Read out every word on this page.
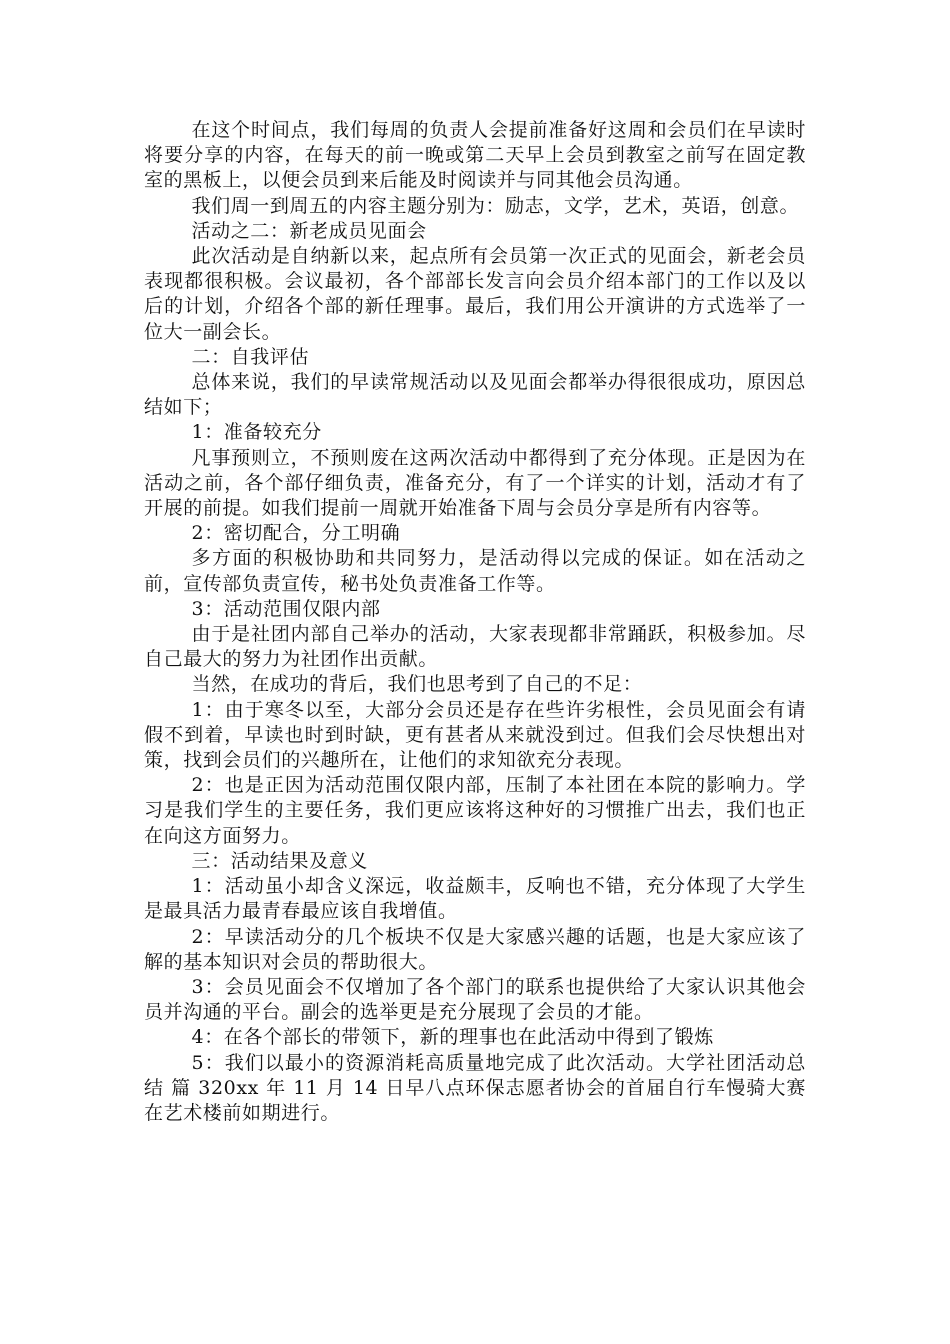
在这个时间点，我们每周的负责人会提前准备好这周和会员们在早读时将要分享的内容，在每天的前一晚或第二天早上会员到教室之前写在固定教室的黑板上，以便会员到来后能及时阅读并与同其他会员沟通。

我们周一到周五的内容主题分别为：励志，文学，艺术，英语，创意。

活动之二：新老成员见面会

此次活动是自纳新以来，起点所有会员第一次正式的见面会，新老会员表现都很积极。会议最初，各个部部长发言向会员介绍本部门的工作以及以后的计划，介绍各个部的新任理事。最后，我们用公开演讲的方式选举了一位大一副会长。

二：自我评估

总体来说，我们的早读常规活动以及见面会都举办得很很成功，原因总结如下；

1：准备较充分

凡事预则立，不预则废在这两次活动中都得到了充分体现。正是因为在活动之前，各个部仔细负责，准备充分，有了一个详实的计划，活动才有了开展的前提。如我们提前一周就开始准备下周与会员分享是所有内容等。

2：密切配合，分工明确

多方面的积极协助和共同努力，是活动得以完成的保证。如在活动之前，宣传部负责宣传，秘书处负责准备工作等。

3：活动范围仅限内部

由于是社团内部自己举办的活动，大家表现都非常踊跃，积极参加。尽自己最大的努力为社团作出贡献。

当然，在成功的背后，我们也思考到了自己的不足：

1：由于寒冬以至，大部分会员还是存在些许劣根性，会员见面会有请假不到着，早读也时到时缺，更有甚者从来就没到过。但我们会尽快想出对策，找到会员们的兴趣所在，让他们的求知欲充分表现。

2：也是正因为活动范围仅限内部，压制了本社团在本院的影响力。学习是我们学生的主要任务，我们更应该将这种好的习惯推广出去，我们也正在向这方面努力。

三：活动结果及意义

1：活动虽小却含义深远，收益颇丰，反响也不错，充分体现了大学生是最具活力最青春最应该自我增值。

2：早读活动分的几个板块不仅是大家感兴趣的话题，也是大家应该了解的基本知识对会员的帮助很大。

3：会员见面会不仅增加了各个部门的联系也提供给了大家认识其他会员并沟通的平台。副会的选举更是充分展现了会员的才能。

4：在各个部长的带领下，新的理事也在此活动中得到了锻炼

5：我们以最小的资源消耗高质量地完成了此次活动。大学社团活动总结 篇 320xx 年 11 月 14 日早八点环保志愿者协会的首届自行车慢骑大赛在艺术楼前如期进行。
